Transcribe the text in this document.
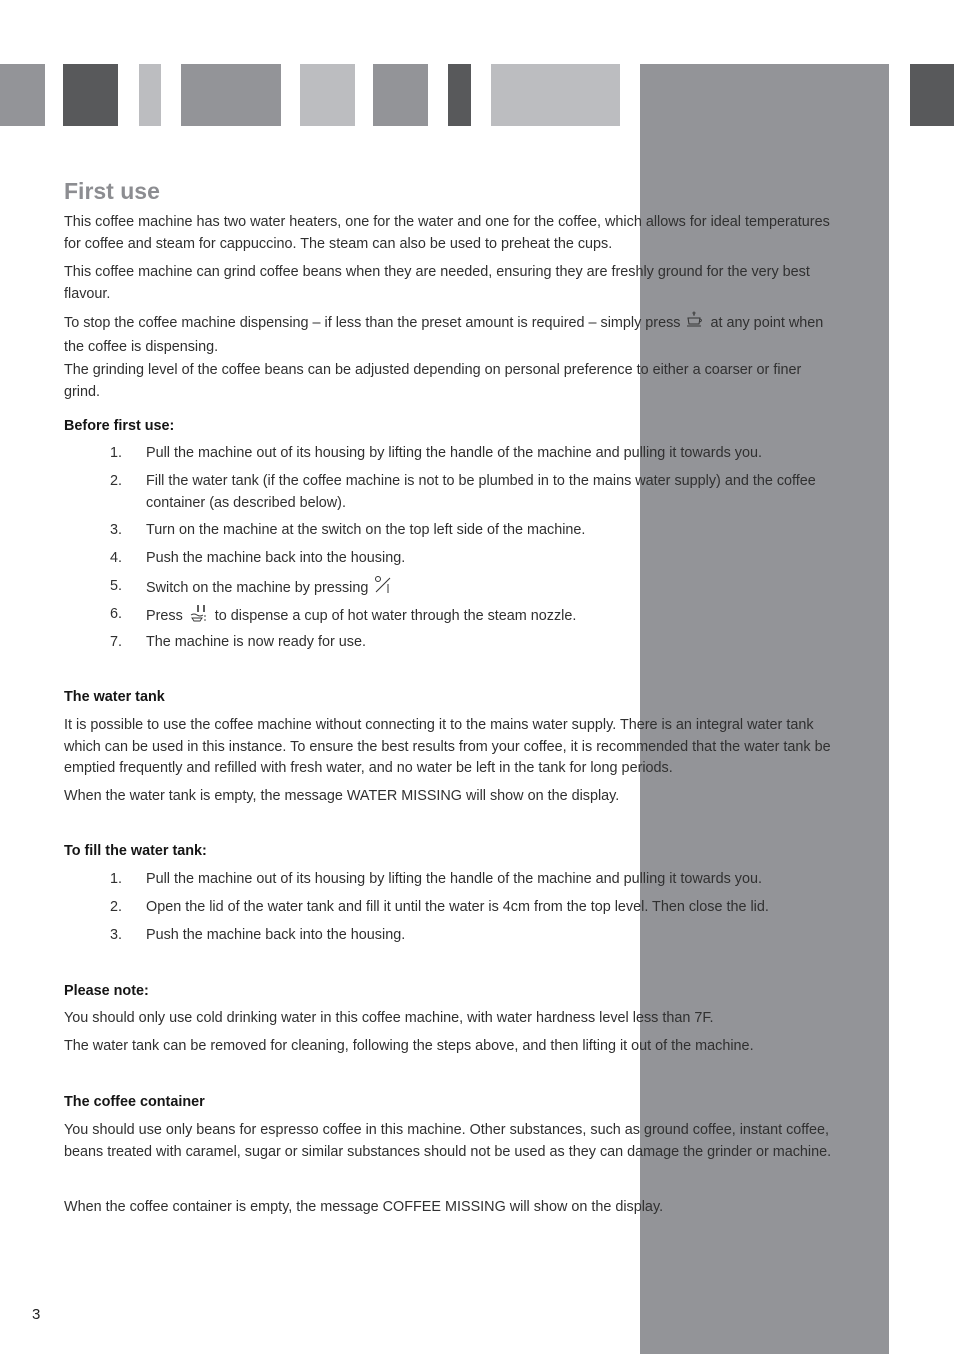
First use

This coffee machine has two water heaters, one for the water and one for the coffee, which allows for ideal temperatures for coffee and steam for cappuccino. The steam can also be used to preheat the cups.

This coffee machine can grind coffee beans when they are needed, ensuring they are freshly ground for the very best flavour.

To stop the coffee machine dispensing – if less than the preset amount is required – simply press at any point when the coffee is dispensing.

The grinding level of the coffee beans can be adjusted depending on personal preference to either a coarser or finer grind.

Before first use:
1.	Pull the machine out of its housing by lifting the handle of the machine and pulling it towards you.
2.	Fill the water tank (if the coffee machine is not to be plumbed in to the mains water supply) and the coffee container (as described below).
3.	Turn on the machine at the switch on the top left side of the machine.
4.	Push the machine back into the housing.
5.	Switch on the machine by pressing
6.	Press to dispense a cup of hot water through the steam nozzle.
7.	The machine is now ready for use.
The water tank

It is possible to use the coffee machine without connecting it to the mains water supply. There is an integral water tank which can be used in this instance. To ensure the best results from your coffee, it is recommended that the water tank be emptied frequently and refilled with fresh water, and no water be left in the tank for long periods.

When the water tank is empty, the message WATER MISSING will show on the display.

To fill the water tank:
1.	Pull the machine out of its housing by lifting the handle of the machine and pulling it towards you.
2.	Open the lid of the water tank and fill it until the water is 4cm from the top level. Then close the lid.
3.	Push the machine back into the housing.
Please note:

You should only use cold drinking water in this coffee machine, with water hardness level less than 7F.

The water tank can be removed for cleaning, following the steps above, and then lifting it out of the machine.

The coffee container

You should use only beans for espresso coffee in this machine. Other substances, such as ground coffee, instant coffee, beans treated with caramel, sugar or similar substances should not be used as they can damage the grinder or machine.

When the coffee container is empty, the message COFFEE MISSING will show on the display.

3
